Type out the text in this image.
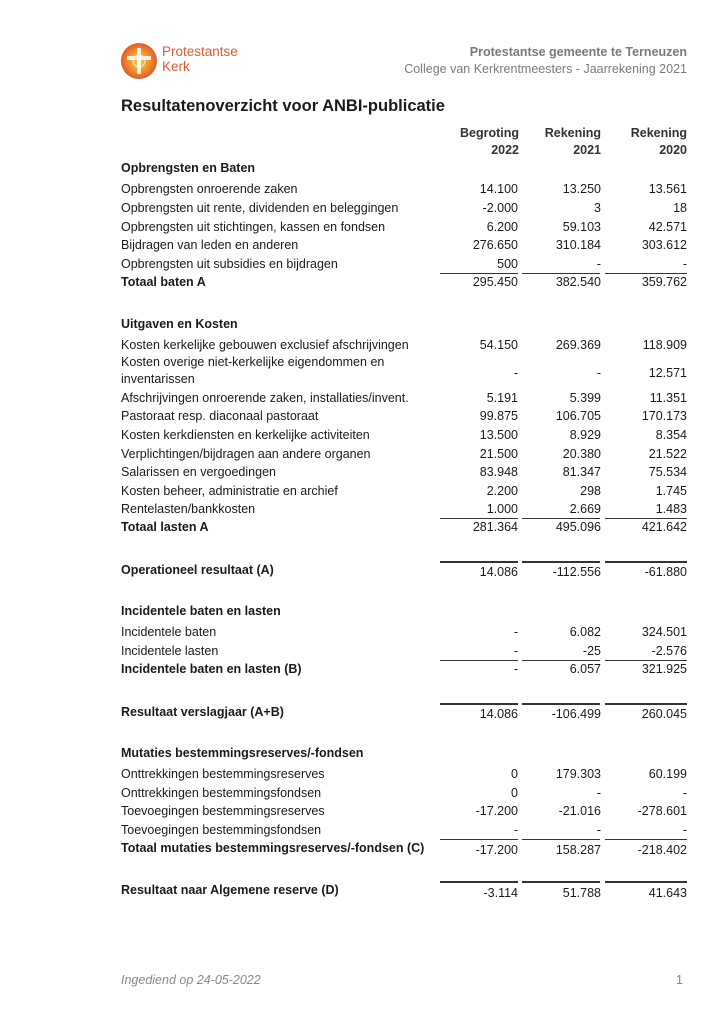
Protestantse
Kerk
Protestantse gemeente te Terneuzen
College van Kerkrentmeesters - Jaarrekening 2021
Resultatenoverzicht voor ANBI-publicatie
Begroting
2022
Rekening
2021
Rekening
2020
Opbrengsten en Baten
Opbrengsten onroerende zaken	14.100	13.250	13.561
Opbrengsten uit rente, dividenden en beleggingen	-2.000	3	18
Opbrengsten uit stichtingen, kassen en fondsen	6.200	59.103	42.571
Bijdragen van leden en anderen	276.650	310.184	303.612
Opbrengsten uit subsidies en bijdragen	500	-	-
Totaal baten A	295.450	382.540	359.762
Uitgaven en Kosten
Kosten kerkelijke gebouwen exclusief afschrijvingen	54.150	269.369	118.909
Kosten overige niet-kerkelijke eigendommen en
inventarissen	-	-	12.571
Afschrijvingen onroerende zaken, installaties/invent.	5.191	5.399	11.351
Pastoraat resp. diaconaal pastoraat	99.875	106.705	170.173
Kosten kerkdiensten en kerkelijke activiteiten	13.500	8.929	8.354
Verplichtingen/bijdragen aan andere organen	21.500	20.380	21.522
Salarissen en vergoedingen	83.948	81.347	75.534
Kosten beheer, administratie en archief	2.200	298	1.745
Rentelasten/bankkosten	1.000	2.669	1.483
Totaal lasten A	281.364	495.096	421.642
Operationeel resultaat (A)	14.086	-112.556	-61.880
Incidentele baten en lasten
Incidentele baten	-	6.082	324.501
Incidentele lasten	-	-25	-2.576
Incidentele baten en lasten (B)	-	6.057	321.925
Resultaat verslagjaar (A+B)	14.086	-106.499	260.045
Mutaties bestemmingsreserves/-fondsen
Onttrekkingen bestemmingsreserves	0	179.303	60.199
Onttrekkingen bestemmingsfondsen	0	-	-
Toevoegingen bestemmingsreserves	-17.200	-21.016	-278.601
Toevoegingen bestemmingsfondsen	-	-	-
Totaal mutaties bestemmingsreserves/-fondsen (C)	-17.200	158.287	-218.402
Resultaat naar Algemene reserve (D)	-3.114	51.788	41.643
Ingediend op 24-05-2022	1
